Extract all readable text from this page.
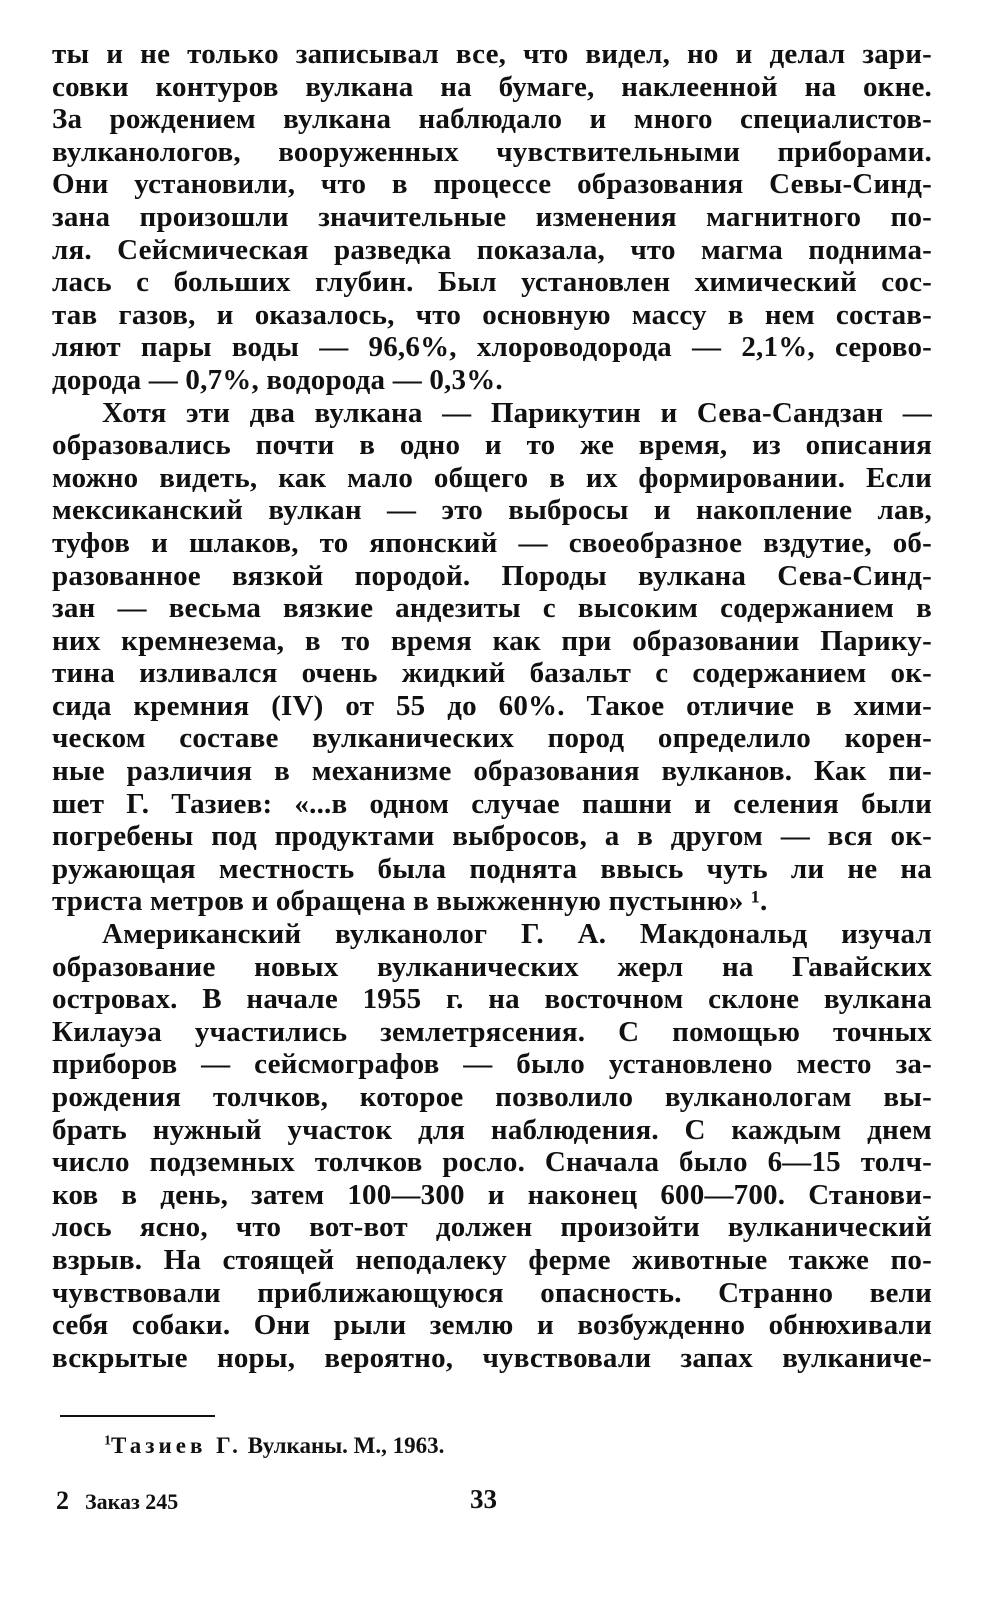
ты и не только записывал все, что видел, но и делал зари-
совки контуров вулкана на бумаге, наклеенной на окне.
За рождением вулкана наблюдало и много специалистов-
вулканологов, вооруженных чувствительными приборами.
Они установили, что в процессе образования Севы-Синд-
зана произошли значительные изменения магнитного по-
ля. Сейсмическая разведка показала, что магма поднима-
лась с больших глубин. Был установлен химический сос-
тав газов, и оказалось, что основную массу в нем состав-
ляют пары воды — 96,6%, хлороводорода — 2,1%, серово-
дорода — 0,7%, водорода — 0,3%.
Хотя эти два вулкана — Парикутин и Сева-Сандзан —
образовались почти в одно и то же время, из описания
можно видеть, как мало общего в их формировании. Если
мексиканский вулкан — это выбросы и накопление лав,
туфов и шлаков, то японский — своеобразное вздутие, об-
разованное вязкой породой. Породы вулкана Сева-Синд-
зан — весьма вязкие андезиты с высоким содержанием в
них кремнезема, в то время как при образовании Парику-
тина изливался очень жидкий базальт с содержанием ок-
сида кремния (IV) от 55 до 60%. Такое отличие в хими-
ческом составе вулканических пород определило корен-
ные различия в механизме образования вулканов. Как пи-
шет Г. Тазиев: «...в одном случае пашни и селения были
погребены под продуктами выбросов, а в другом — вся ок-
ружающая местность была поднята ввысь чуть ли не на
триста метров и обращена в выжженную пустыню» ¹.
Американский вулканолог Г. А. Макдональд изучал
образование новых вулканических жерл на Гавайских
островах. В начале 1955 г. на восточном склоне вулкана
Килауэа участились землетрясения. С помощью точных
приборов — сейсмографов — было установлено место за-
рождения толчков, которое позволило вулканологам вы-
брать нужный участок для наблюдения. С каждым днем
число подземных толчков росло. Сначала было 6—15 толч-
ков в день, затем 100—300 и наконец 600—700. Станови-
лось ясно, что вот-вот должен произойти вулканический
взрыв. На стоящей неподалеку ферме животные также по-
чувствовали приближающуюся опасность. Странно вели
себя собаки. Они рыли землю и возбужденно обнюхивали
вскрытые норы, вероятно, чувствовали запах вулканиче-
$^1$Тазиев Г. Вулканы. М., 1963.
2 Заказ 245	33
